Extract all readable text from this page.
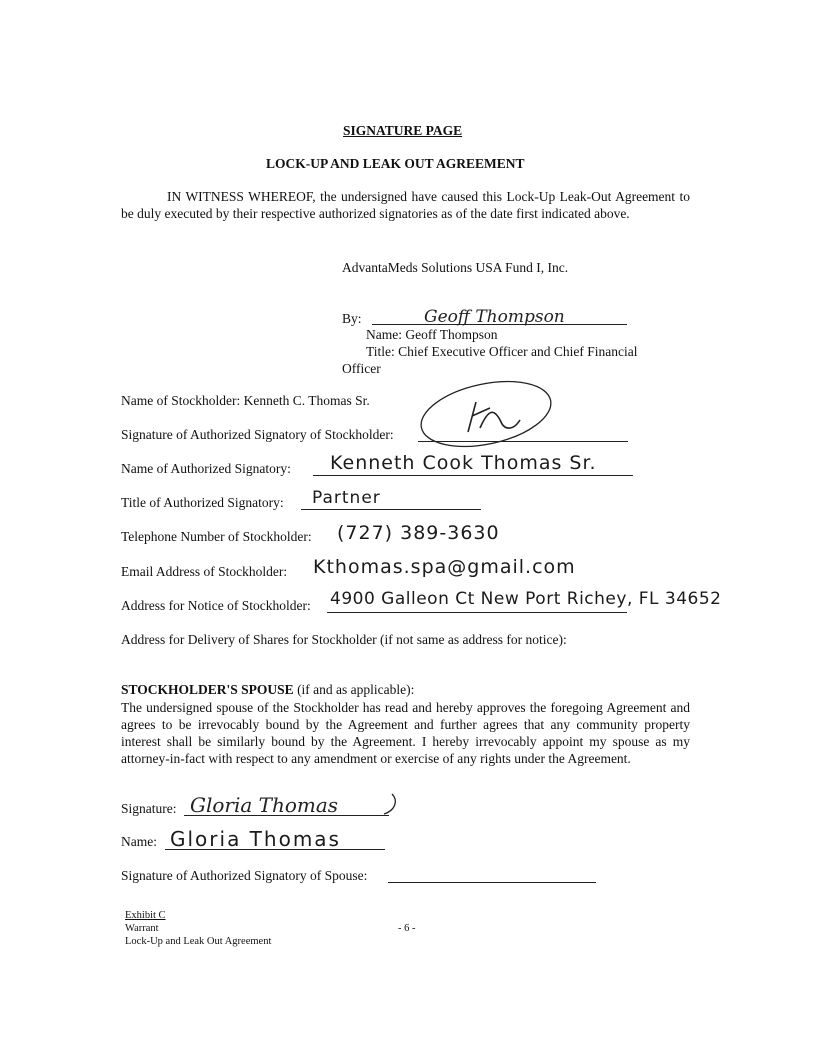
SIGNATURE PAGE
LOCK-UP AND LEAK OUT AGREEMENT
IN WITNESS WHEREOF, the undersigned have caused this Lock-Up Leak-Out Agreement to be duly executed by their respective authorized signatories as of the date first indicated above.
AdvantaMeds Solutions USA Fund I, Inc.
By:	Geoff Thompson
Name: Geoff Thompson
Title: Chief Executive Officer and Chief Financial
Officer
Name of Stockholder: Kenneth C. Thomas Sr.
Signature of Authorized Signatory of Stockholder:
Name of Authorized Signatory: Kenneth Cook Thomas Sr.
Title of Authorized Signatory: Partner
Telephone Number of Stockholder: (727) 389-3630
Email Address of Stockholder: Kthomas.spa@gmail.com
Address for Notice of Stockholder: 4900 Galleon Ct New Port Richey, FL 34652
Address for Delivery of Shares for Stockholder (if not same as address for notice):
STOCKHOLDER'S SPOUSE (if and as applicable):
The undersigned spouse of the Stockholder has read and hereby approves the foregoing Agreement and agrees to be irrevocably bound by the Agreement and further agrees that any community property interest shall be similarly bound by the Agreement. I hereby irrevocably appoint my spouse as my attorney-in-fact with respect to any amendment or exercise of any rights under the Agreement.
Signature: Gloria Thomas
Name: Gloria Thomas
Signature of Authorized Signatory of Spouse:
Exhibit C
Warrant
Lock-Up and Leak Out Agreement
- 6 -
